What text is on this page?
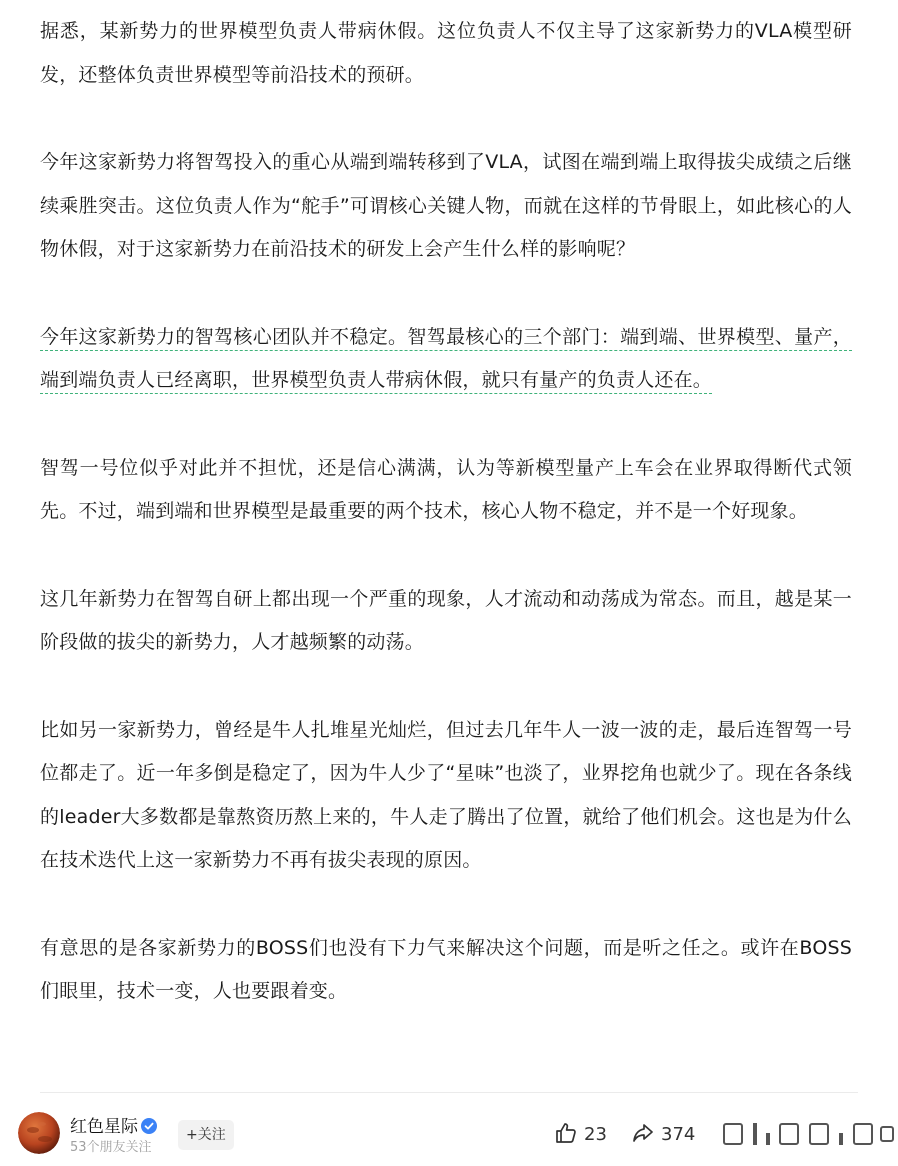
据悉，某新势力的世界模型负责人带病休假。这位负责人不仅主导了这家新势力的VLA模型研发，还整体负责世界模型等前沿技术的预研。

今年这家新势力将智驾投入的重心从端到端转移到了VLA，试图在端到端上取得拔尖成绩之后继续乘胜突击。这位负责人作为“舵手”可谓核心关键人物，而就在这样的节骨眼上，如此核心的人物休假，对于这家新势力在前沿技术的研发上会产生什么样的影响呢？

今年这家新势力的智驾核心团队并不稳定。智驾最核心的三个部门：端到端、世界模型、量产，端到端负责人已经离职，世界模型负责人带病休假，就只有量产的负责人还在。

智驾一号位似乎对此并不担忧，还是信心满满，认为等新模型量产上车会在业界取得断代式领先。不过，端到端和世界模型是最重要的两个技术，核心人物不稳定，并不是一个好现象。

这几年新势力在智驾自研上都出现一个严重的现象，人才流动和动荡成为常态。而且，越是某一阶段做的拔尖的新势力，人才越频繁的动荡。

比如另一家新势力，曾经是牛人扎堆星光灿烂，但过去几年牛人一波一波的走，最后连智驾一号位都走了。近一年多倒是稳定了，因为牛人少了“星味”也淡了，业界挖角也就少了。现在各条线的leader大多数都是靠熬资历熬上来的，牛人走了腾出了位置，就给了他们机会。这也是为什么在技术迭代上这一家新势力不再有拔尖表现的原因。

有意思的是各家新势力的BOSS们也没有下力气来解决这个问题，而是听之任之。或许在BOSS们眼里，技术一变，人也要跟着变。

红色星际
53个朋友关注
+关注	23	374
